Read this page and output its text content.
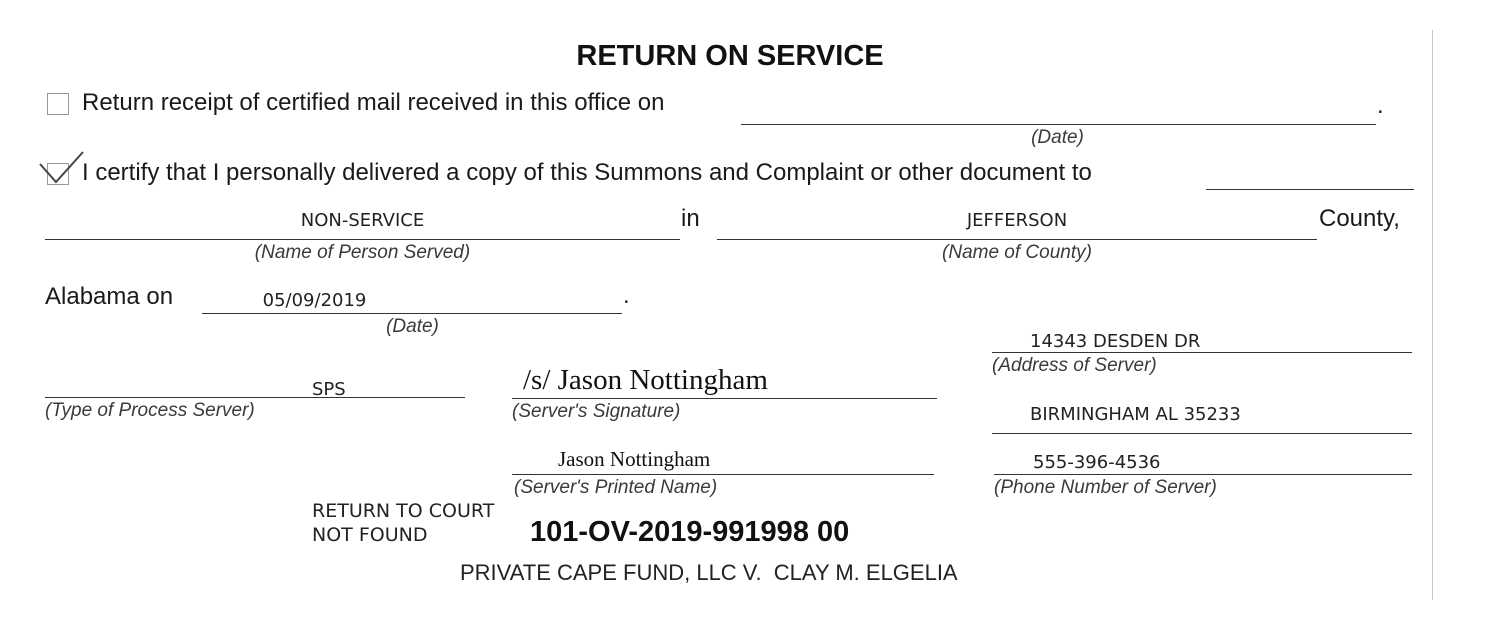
RETURN ON SERVICE
Return receipt of certified mail received in this office on	.
(Date)
I certify that I personally delivered a copy of this Summons and Complaint or other document to
NON-SERVICE
(Name of Person Served)
in	JEFFERSON
(Name of County)
County,
Alabama on	05/09/2019	.
(Date)
14343 DESDEN DR
(Address of Server)
BIRMINGHAM AL 35233
SPS
(Type of Process Server)
/s/ Jason Nottingham
(Server's Signature)
Jason Nottingham
(Server's Printed Name)
555-396-4536
(Phone Number of Server)
RETURN TO COURT
NOT FOUND	101-OV-2019-991998 00
PRIVATE CAPE FUND, LLC V.  CLAY M. ELGELIA
